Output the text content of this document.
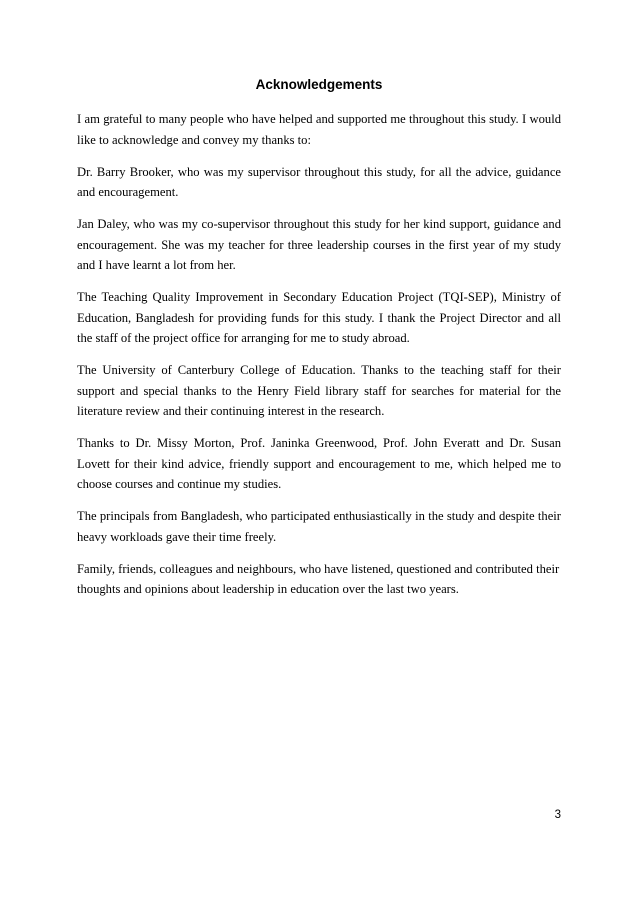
Acknowledgements

I am grateful to many people who have helped and supported me throughout this study. I would like to acknowledge and convey my thanks to:

Dr. Barry Brooker, who was my supervisor throughout this study, for all the advice, guidance and encouragement.

Jan Daley, who was my co-supervisor throughout this study for her kind support, guidance and encouragement. She was my teacher for three leadership courses in the first year of my study and I have learnt a lot from her.

The Teaching Quality Improvement in Secondary Education Project (TQI-SEP), Ministry of Education, Bangladesh for providing funds for this study. I thank the Project Director and all the staff of the project office for arranging for me to study abroad.

The University of Canterbury College of Education. Thanks to the teaching staff for their support and special thanks to the Henry Field library staff for searches for material for the literature review and their continuing interest in the research.

Thanks to Dr. Missy Morton, Prof. Janinka Greenwood, Prof. John Everatt and Dr. Susan Lovett for their kind advice, friendly support and encouragement to me, which helped me to choose courses and continue my studies.

The principals from Bangladesh, who participated enthusiastically in the study and despite their heavy workloads gave their time freely.

Family, friends, colleagues and neighbours, who have listened, questioned and contributed their thoughts and opinions about leadership in education over the last two years.

3
